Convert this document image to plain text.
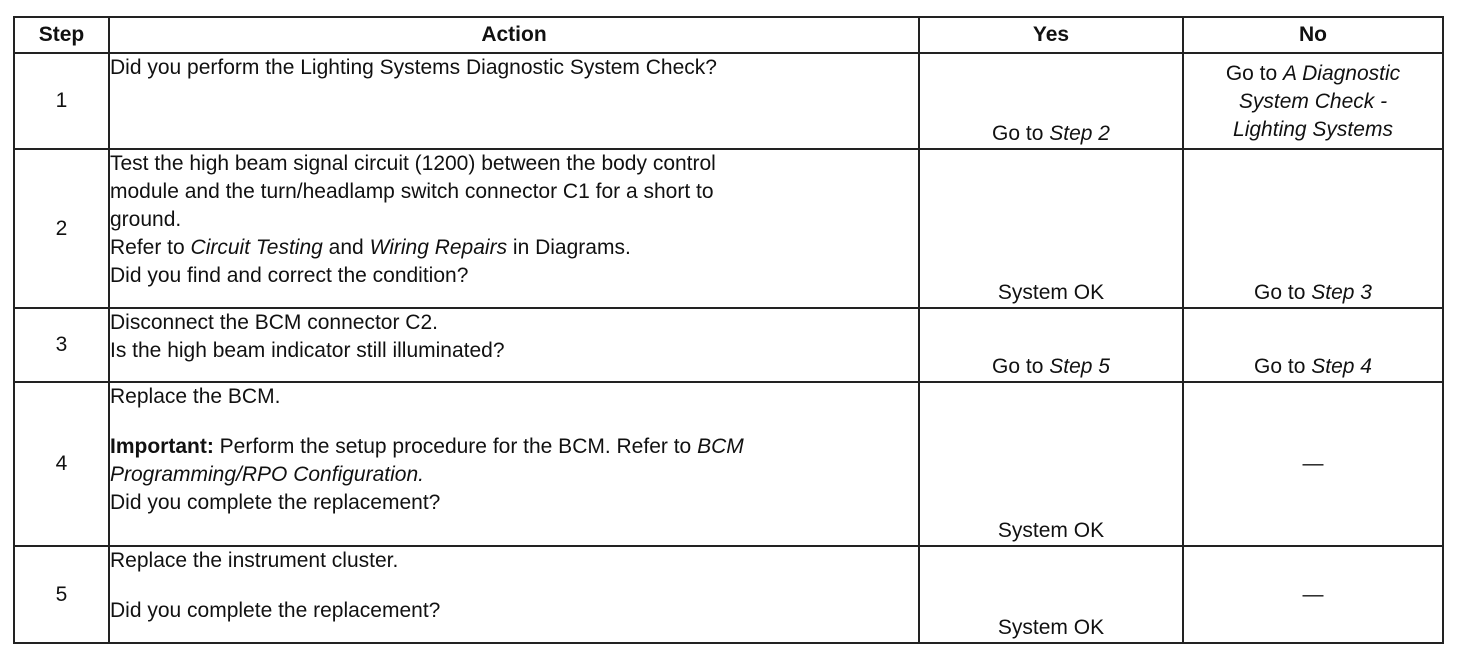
Step	Action	Yes	No
1	Did you perform the Lighting Systems Diagnostic System Check?	Go to Step 2	Go to A Diagnostic
System Check -
Lighting Systems

2	Test the high beam signal circuit (1200) between the body control
module and the turn/headlamp switch connector C1 for a short to
ground.
Refer to Circuit Testing and Wiring Repairs in Diagrams.
Did you find and correct the condition?	System OK	Go to Step 3
3	Disconnect the BCM connector C2.
Is the high beam indicator still illuminated?	Go to Step 5	Go to Step 4
4	Replace the BCM.
Important: Perform the setup procedure for the BCM. Refer to BCM
Programming/RPO Configuration.
Did you complete the replacement?	System OK	—
5	Replace the instrument cluster.
Did you complete the replacement?	System OK	—
